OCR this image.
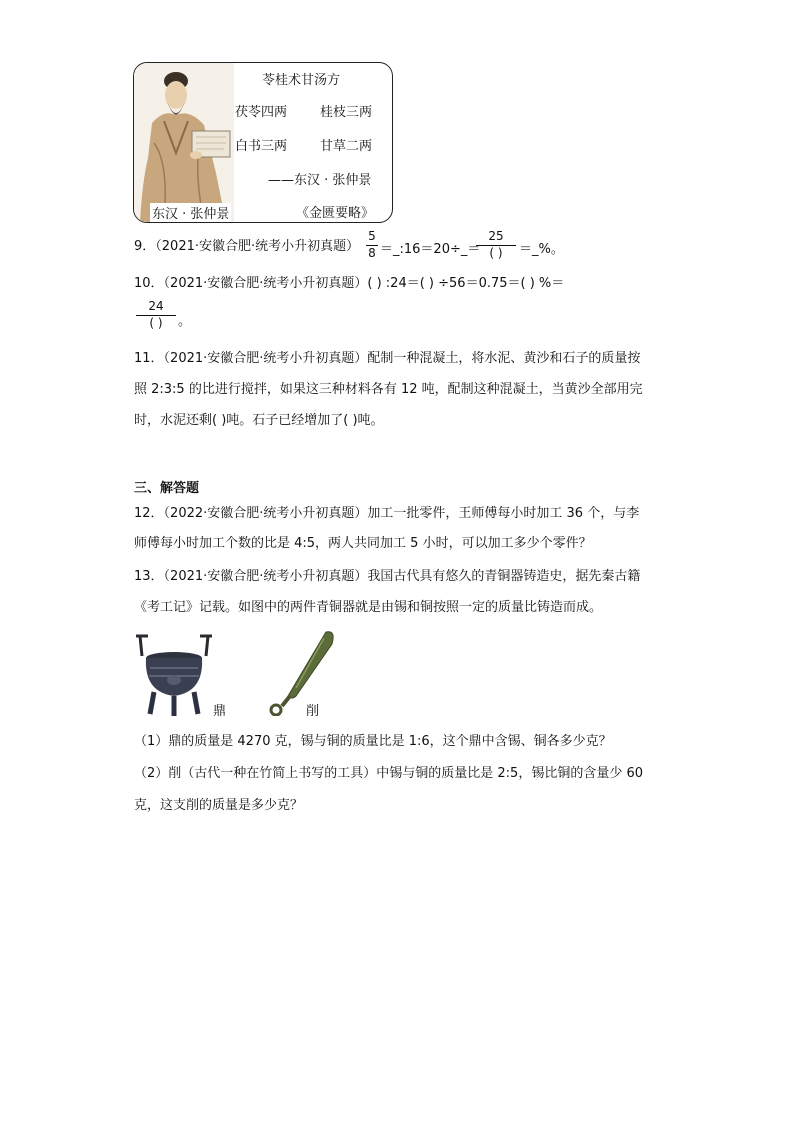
东汉 · 张仲景
苓桂术甘汤方
茯苓四两	桂枝三两
白书三两	甘草二两
——东汉 · 张仲景
《金匮要略》
9．（2021·安徽合肥·统考小升初真题）
5
8 ＝_:16＝20÷_＝
25
( )	＝_%。
10．（2021·安徽合肥·统考小升初真题）( ) :24＝( ) ÷56＝0.75＝( ) %＝
24
( )	。
11．（2021·安徽合肥·统考小升初真题）配制一种混凝土，将水泥、黄沙和石子的质量按
照 2:3:5 的比进行搅拌，如果这三种材料各有 12 吨，配制这种混凝土，当黄沙全部用完
时，水泥还剩( )吨。石子已经增加了( )吨。
三、解答题
12．（2022·安徽合肥·统考小升初真题）加工一批零件，王师傅每小时加工 36 个，与李
师傅每小时加工个数的比是 4:5，两人共同加工 5 小时，可以加工多少个零件？
13．（2021·安徽合肥·统考小升初真题）我国古代具有悠久的青铜器铸造史，据先秦古籍
《考工记》记载。如图中的两件青铜器就是由锡和铜按照一定的质量比铸造而成。
鼎	削
（1）鼎的质量是 4270 克，锡与铜的质量比是 1:6，这个鼎中含锡、铜各多少克？
（2）削（古代一种在竹简上书写的工具）中锡与铜的质量比是 2:5，锡比铜的含量少 60
克，这支削的质量是多少克？
